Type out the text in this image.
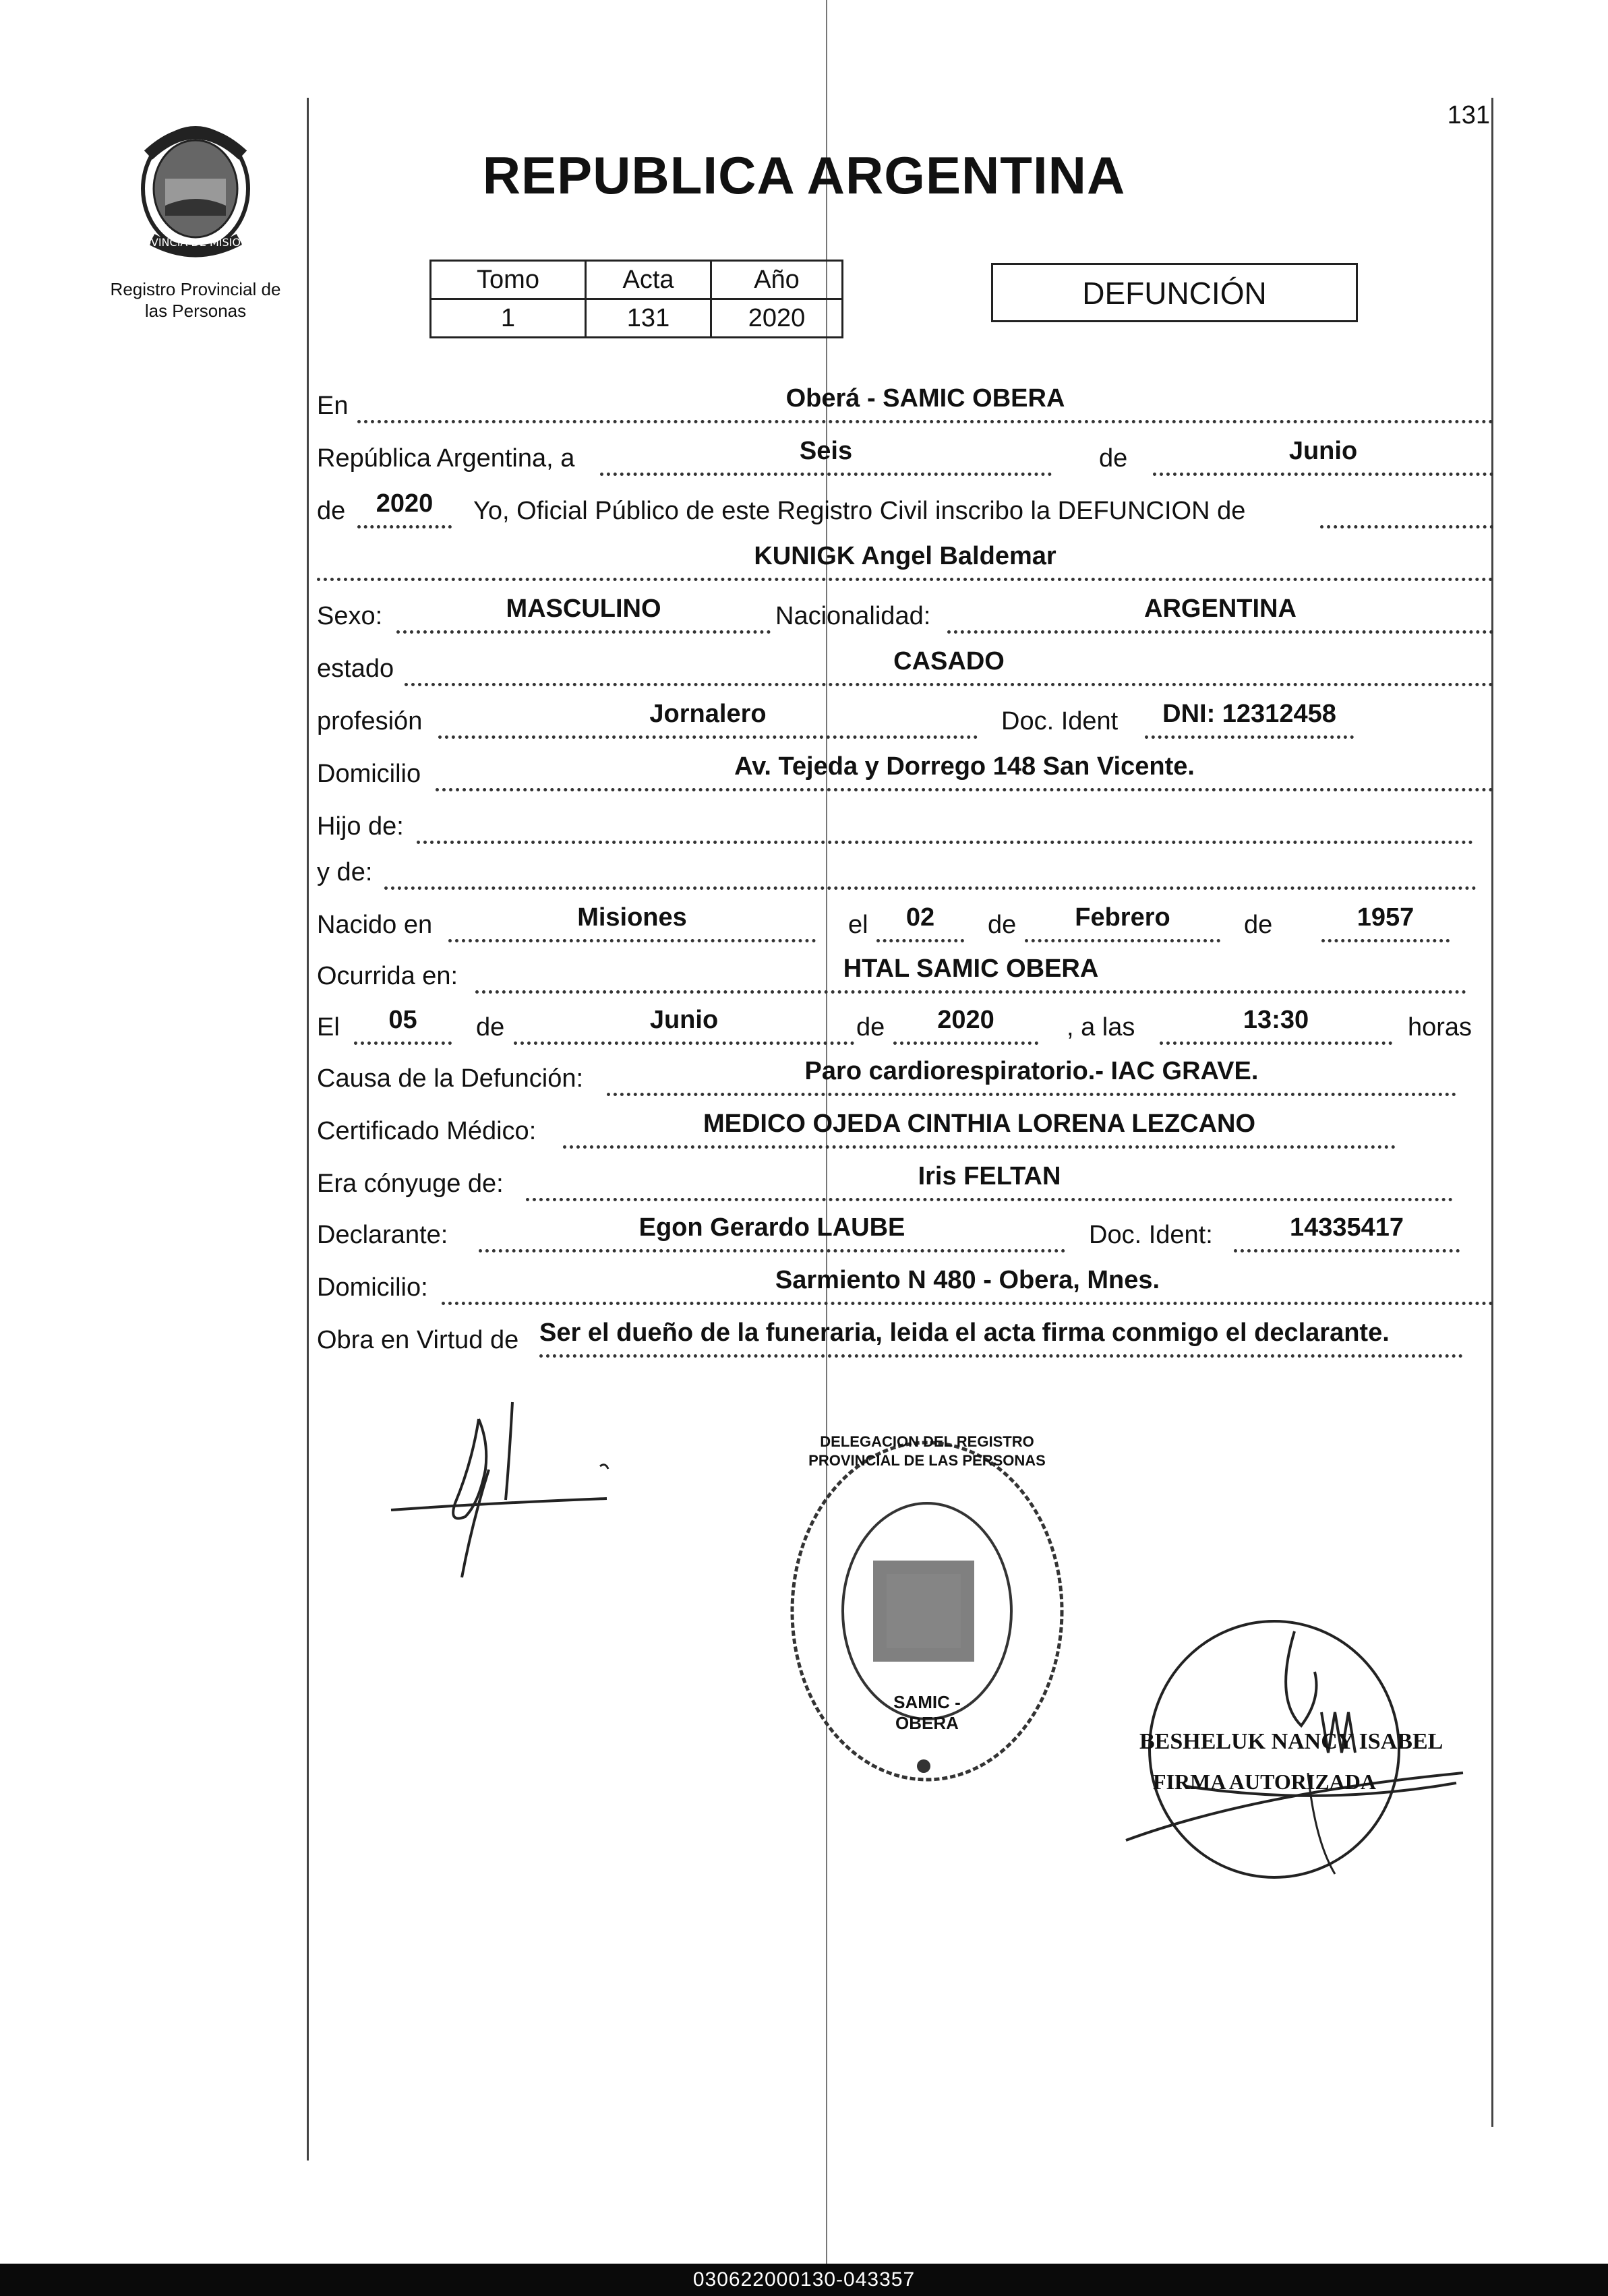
131
PROVINCIA DE MISIONES
Registro Provincial de
las Personas
REPUBLICA ARGENTINA
Tomo	Acta	Año
1	131	2020
DEFUNCIÓN
En	Oberá - SAMIC OBERA
República Argentina, a	Seis	de	Junio
de	2020	Yo, Oficial Público de este Registro Civil inscribo la DEFUNCION de
KUNIGK Angel Baldemar
Sexo:	MASCULINO	Nacionalidad:	ARGENTINA
estado	CASADO
profesión	Jornalero	Doc. Ident	DNI: 12312458
Domicilio	Av. Tejeda y Dorrego 148 San Vicente.
Hijo de:
y de:
Nacido en	Misiones	el	02	de	Febrero	de	1957
Ocurrida en:	HTAL SAMIC OBERA
El	05	de	Junio	de	2020	, a las	13:30	horas
Causa de la Defunción:	Paro cardiorespiratorio.- IAC GRAVE.
Certificado Médico:	MEDICO OJEDA CINTHIA LORENA LEZCANO
Era cónyuge de:	Iris FELTAN
Declarante:	Egon Gerardo LAUBE	Doc. Ident:	14335417
Domicilio:	Sarmiento N 480 - Obera, Mnes.
Obra en Virtud de Ser el dueño de la funeraria, leida el acta firma conmigo el declarante.
DELEGACION DEL REGISTRO PROVINCIAL DE LAS PERSONAS
SAMIC - OBERA
BESHELUK NANCY ISABEL
FIRMA AUTORIZADA
030622000130-043357
